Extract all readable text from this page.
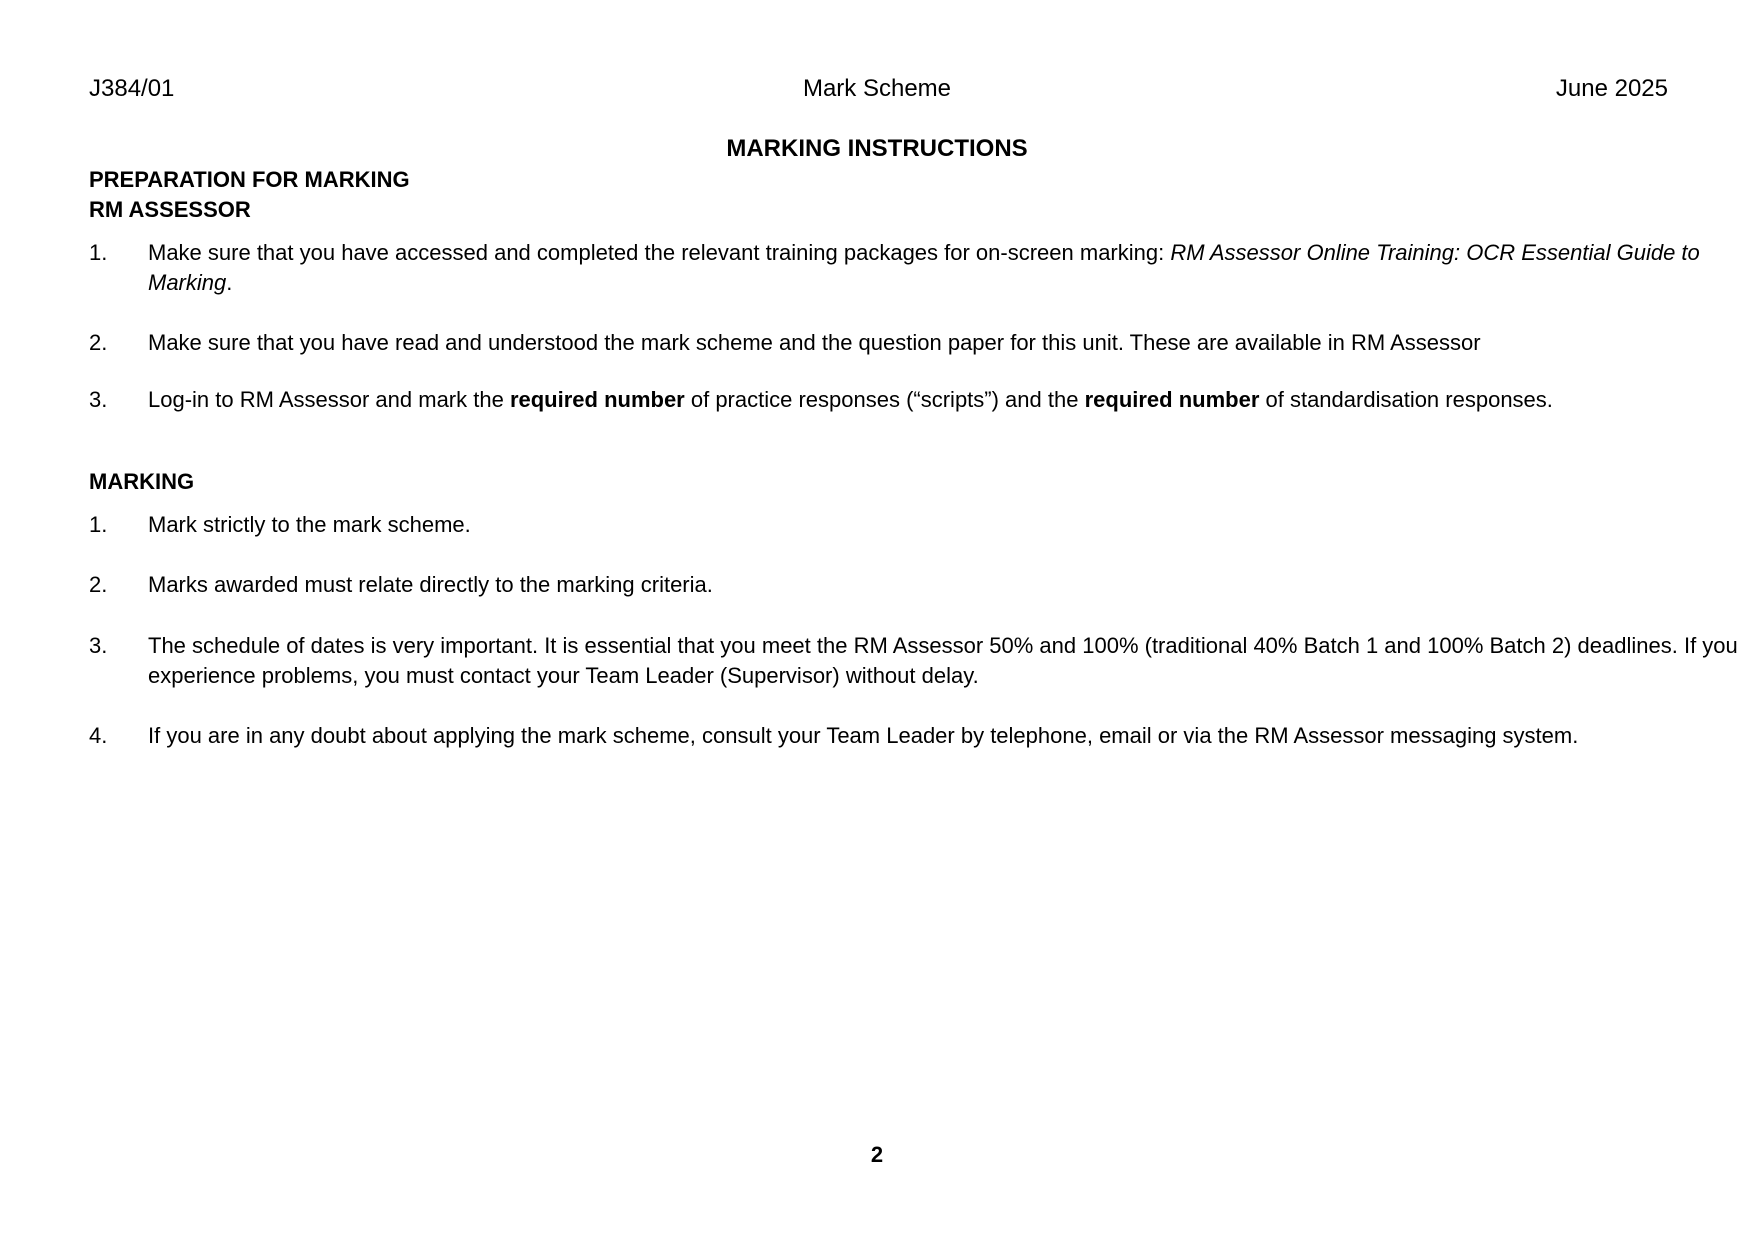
J384/01	Mark Scheme	June 2025
MARKING INSTRUCTIONS
PREPARATION FOR MARKING
RM ASSESSOR
1.	Make sure that you have accessed and completed the relevant training packages for on-screen marking: RM Assessor Online Training: OCR Essential Guide to Marking.
2.	Make sure that you have read and understood the mark scheme and the question paper for this unit. These are available in RM Assessor
3.	Log-in to RM Assessor and mark the required number of practice responses (“scripts”) and the required number of standardisation responses.
MARKING
1.	Mark strictly to the mark scheme.
2.	Marks awarded must relate directly to the marking criteria.
3.	The schedule of dates is very important. It is essential that you meet the RM Assessor 50% and 100% (traditional 40% Batch 1 and 100% Batch 2) deadlines. If you experience problems, you must contact your Team Leader (Supervisor) without delay.
4.	If you are in any doubt about applying the mark scheme, consult your Team Leader by telephone, email or via the RM Assessor messaging system.
2
